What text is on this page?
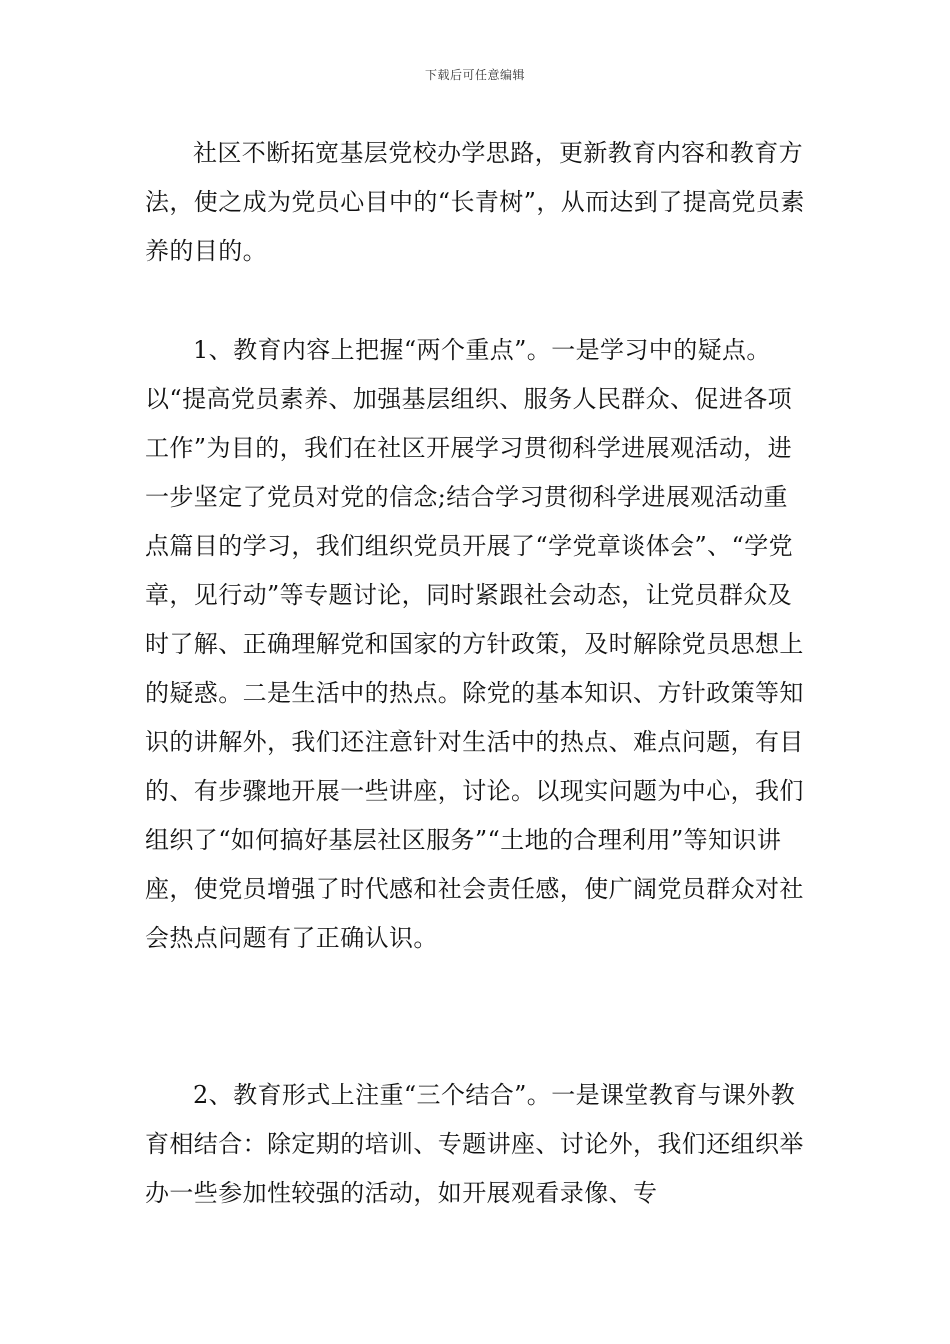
下载后可任意编辑

社区不断拓宽基层党校办学思路，更新教育内容和教育方法，使之成为党员心目中的“长青树”，从而达到了提高党员素养的目的。

1、教育内容上把握“两个重点”。一是学习中的疑点。以“提高党员素养、加强基层组织、服务人民群众、促进各项工作”为目的，我们在社区开展学习贯彻科学进展观活动，进一步坚定了党员对党的信念;结合学习贯彻科学进展观活动重点篇目的学习，我们组织党员开展了“学党章谈体会”、“学党章，见行动”等专题讨论，同时紧跟社会动态，让党员群众及时了解、正确理解党和国家的方针政策，及时解除党员思想上的疑惑。二是生活中的热点。除党的基本知识、方针政策等知识的讲解外，我们还注意针对生活中的热点、难点问题，有目的、有步骤地开展一些讲座，讨论。以现实问题为中心，我们组织了“如何搞好基层社区服务”“土地的合理利用”等知识讲座，使党员增强了时代感和社会责任感，使广阔党员群众对社会热点问题有了正确认识。

2、教育形式上注重“三个结合”。一是课堂教育与课外教育相结合：除定期的培训、专题讲座、讨论外，我们还组织举办一些参加性较强的活动，如开展观看录像、专
